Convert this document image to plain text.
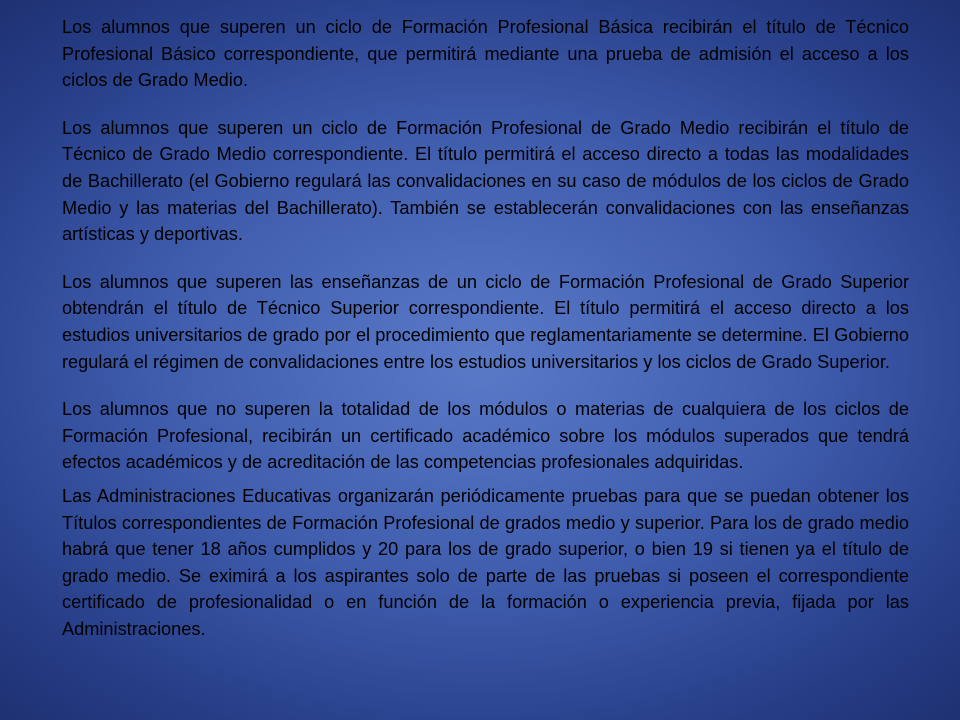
Los alumnos que superen un ciclo de Formación Profesional Básica recibirán el título de Técnico Profesional Básico correspondiente, que permitirá mediante una prueba de admisión el acceso a los ciclos de Grado Medio.

Los alumnos que superen un ciclo de Formación Profesional de Grado Medio recibirán el título de Técnico de Grado Medio correspondiente. El título permitirá el acceso directo a todas las modalidades de Bachillerato (el Gobierno regulará las convalidaciones en su caso de módulos de los ciclos de Grado Medio y las materias del Bachillerato). También se establecerán convalidaciones con las enseñanzas artísticas y deportivas.

Los alumnos que superen las enseñanzas de un ciclo de Formación Profesional de Grado Superior obtendrán el título de Técnico Superior correspondiente. El título permitirá el acceso directo a los estudios universitarios de grado por el procedimiento que reglamentariamente se determine. El Gobierno regulará el régimen de convalidaciones entre los estudios universitarios y los ciclos de Grado Superior.

Los alumnos que no superen la totalidad de los módulos o materias de cualquiera de los ciclos de Formación Profesional, recibirán un certificado académico sobre los módulos superados que tendrá efectos académicos y de acreditación de las competencias profesionales adquiridas.

Las Administraciones Educativas organizarán periódicamente pruebas para que se puedan obtener los Títulos correspondientes de Formación Profesional de grados medio y superior. Para los de grado medio habrá que tener 18 años cumplidos y 20 para los de grado superior, o bien 19 si tienen ya el título de grado medio. Se eximirá a los aspirantes solo de parte de las pruebas si poseen el correspondiente certificado de profesionalidad o en función de la formación o experiencia previa, fijada por las Administraciones.
